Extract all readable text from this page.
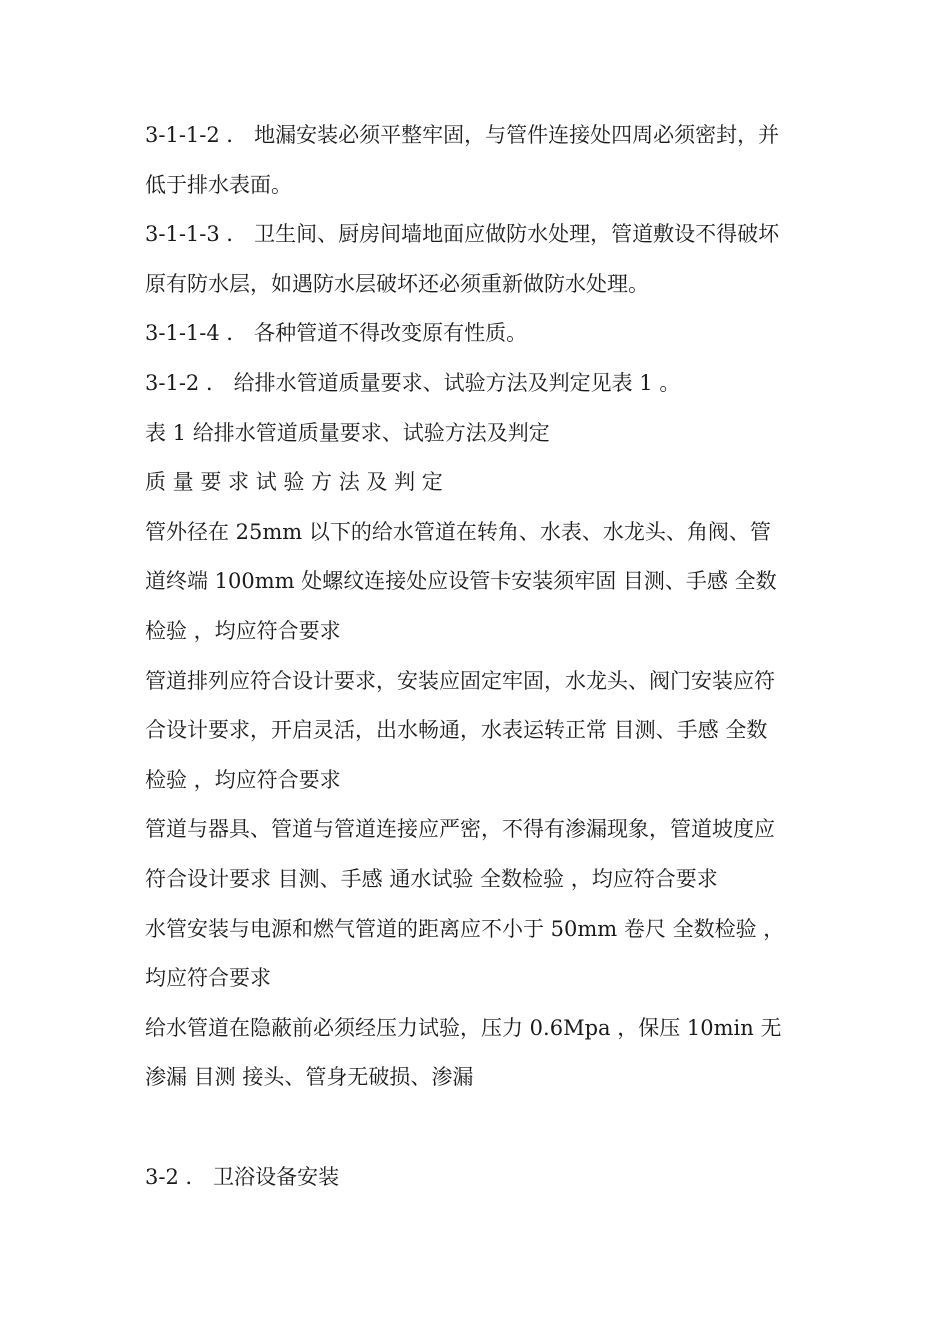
3-1-1-2 ． 地漏安装必须平整牢固，与管件连接处四周必须密封，并
低于排水表面。
3-1-1-3 ． 卫生间、厨房间墙地面应做防水处理，管道敷设不得破坏
原有防水层，如遇防水层破坏还必须重新做防水处理。
3-1-1-4 ． 各种管道不得改变原有性质。
3-1-2 ． 给排水管道质量要求、试验方法及判定见表 1 。
表 1 给排水管道质量要求、试验方法及判定
质 量 要 求 试 验 方 法 及 判 定
管外径在 25mm 以下的给水管道在转角、水表、水龙头、角阀、管
道终端 100mm 处螺纹连接处应设管卡安装须牢固 目测、手感 全数
检验 ，均应符合要求
管道排列应符合设计要求，安装应固定牢固，水龙头、阀门安装应符
合设计要求，开启灵活，出水畅通，水表运转正常 目测、手感 全数
检验 ，均应符合要求
管道与器具、管道与管道连接应严密，不得有渗漏现象，管道坡度应
符合设计要求 目测、手感 通水试验 全数检验 ，均应符合要求
水管安装与电源和燃气管道的距离应不小于 50mm 卷尺 全数检验 ，
均应符合要求
给水管道在隐蔽前必须经压力试验，压力 0.6Mpa ，保压 10min 无
渗漏 目测 接头、管身无破损、渗漏
3-2 ． 卫浴设备安装
